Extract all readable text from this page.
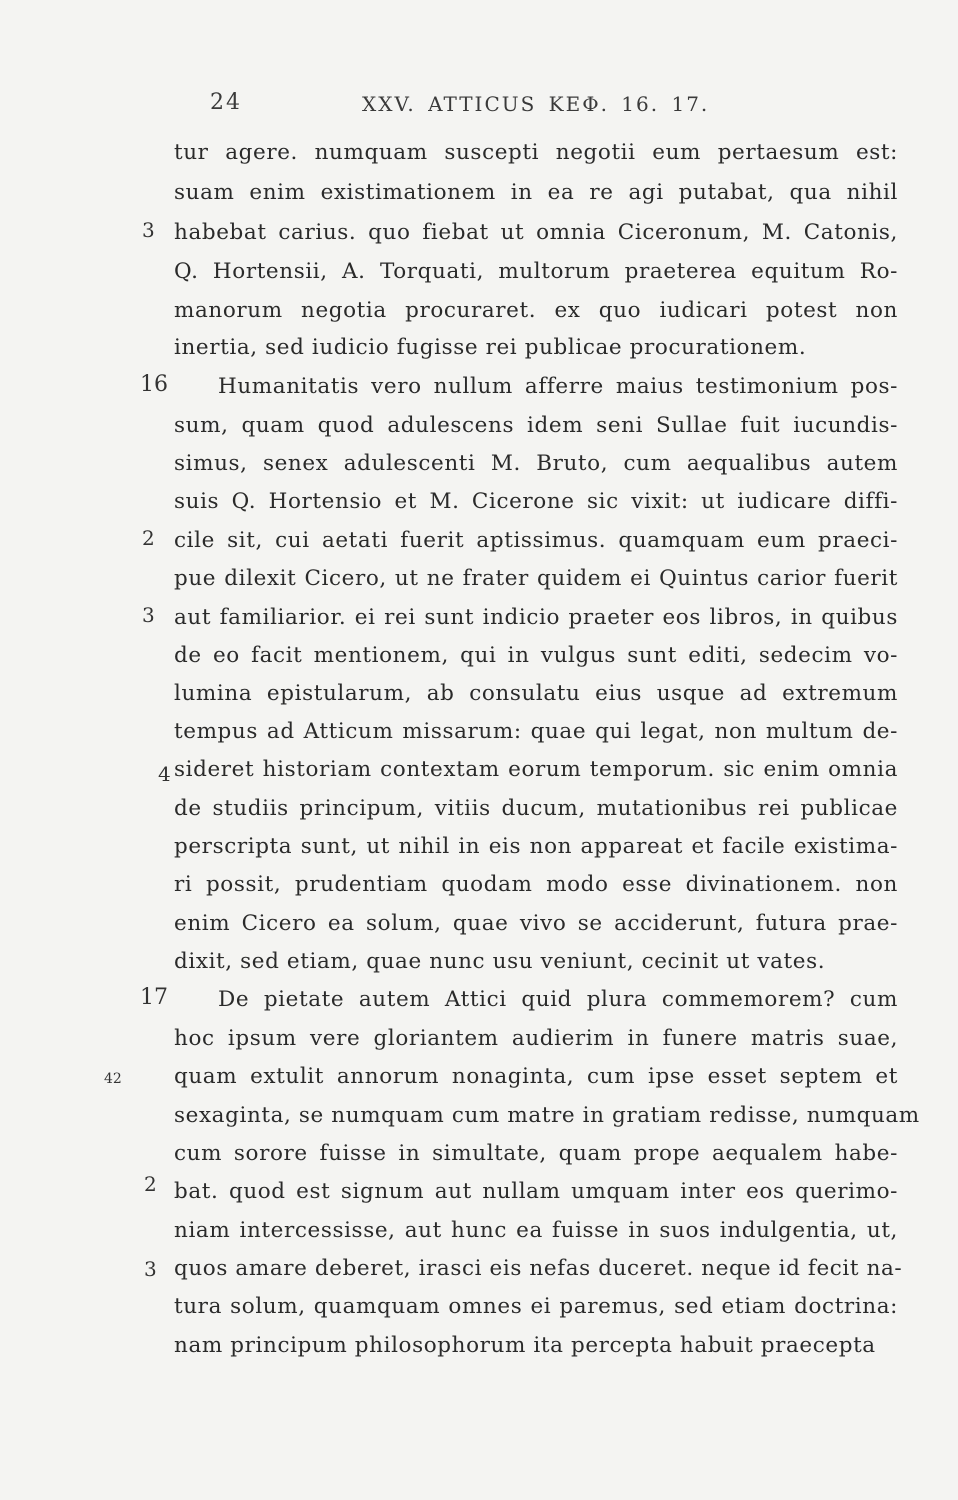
24	XXV. ATTICUS KEΦ. 16. 17.
tur agere. numquam suscepti negotii eum pertaesum est:
suam enim existimationem in ea re agi putabat, qua nihil
habebat carius. quo fiebat ut omnia Ciceronum, M. Catonis,
Q. Hortensii, A. Torquati, multorum praeterea equitum Ro-
manorum negotia procuraret. ex quo iudicari potest non
inertia, sed iudicio fugisse rei publicae procurationem.
Humanitatis vero nullum afferre maius testimonium pos-
sum, quam quod adulescens idem seni Sullae fuit iucundis-
simus, senex adulescenti M. Bruto, cum aequalibus autem
suis Q. Hortensio et M. Cicerone sic vixit: ut iudicare diffi-
cile sit, cui aetati fuerit aptissimus. quamquam eum praeci-
pue dilexit Cicero, ut ne frater quidem ei Quintus carior fuerit
aut familiarior. ei rei sunt indicio praeter eos libros, in quibus
de eo facit mentionem, qui in vulgus sunt editi, sedecim vo-
lumina epistularum, ab consulatu eius usque ad extremum
tempus ad Atticum missarum: quae qui legat, non multum de-
sideret historiam contextam eorum temporum. sic enim omnia
de studiis principum, vitiis ducum, mutationibus rei publicae
perscripta sunt, ut nihil in eis non appareat et facile existima-
ri possit, prudentiam quodam modo esse divinationem. non
enim Cicero ea solum, quae vivo se acciderunt, futura prae-
dixit, sed etiam, quae nunc usu veniunt, cecinit ut vates.
De pietate autem Attici quid plura commemorem? cum
hoc ipsum vere gloriantem audierim in funere matris suae,
quam extulit annorum nonaginta, cum ipse esset septem et
sexaginta, se numquam cum matre in gratiam redisse, numquam
cum sorore fuisse in simultate, quam prope aequalem habe-
bat. quod est signum aut nullam umquam inter eos querimo-
niam intercessisse, aut hunc ea fuisse in suos indulgentia, ut,
quos amare deberet, irasci eis nefas duceret. neque id fecit na-
tura solum, quamquam omnes ei paremus, sed etiam doctrina:
nam principum philosophorum ita percepta habuit praecepta
3
16
2
3
4
17
42
2
3
